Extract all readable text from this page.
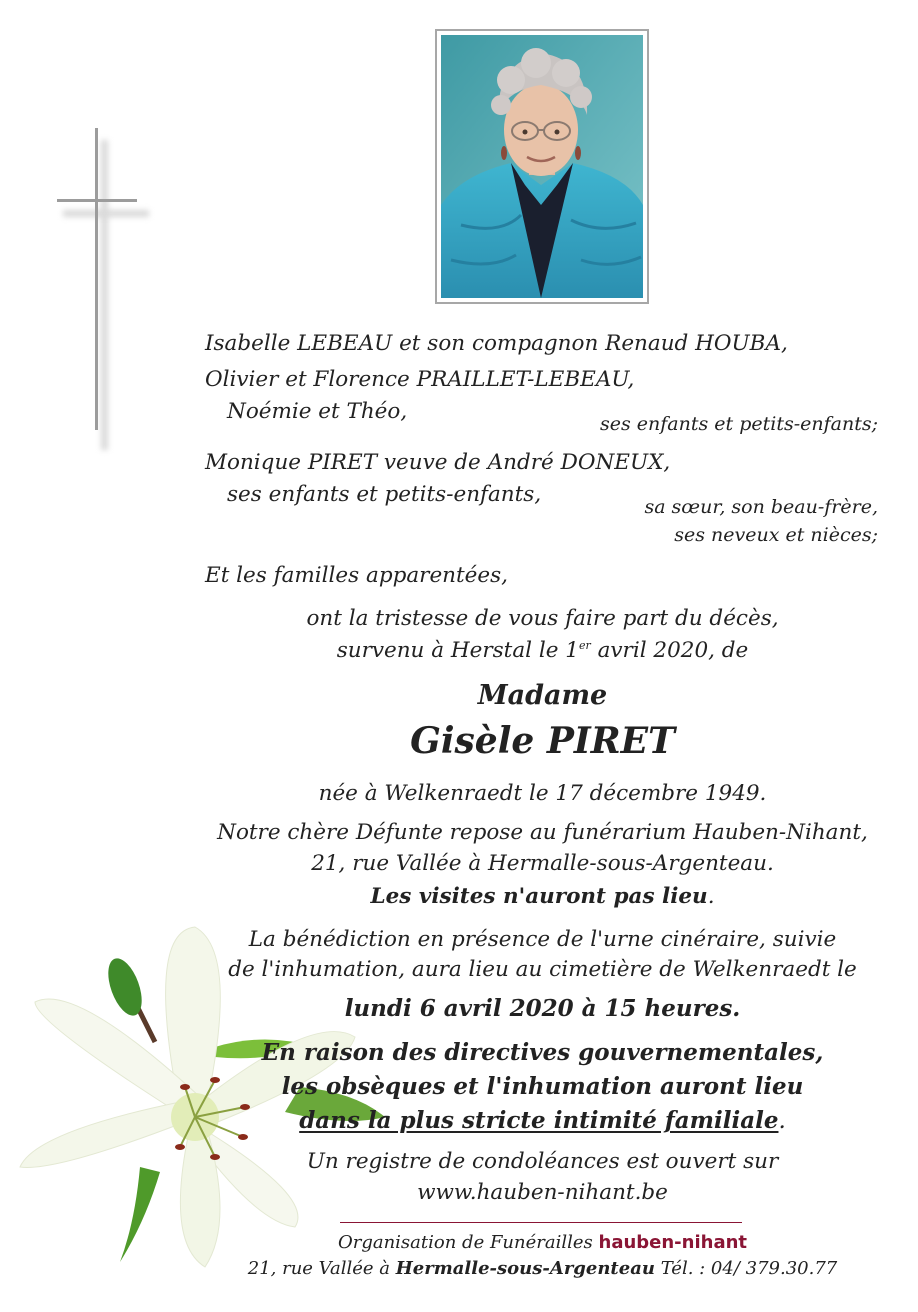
Isabelle LEBEAU et son compagnon Renaud HOUBA,
Olivier et Florence PRAILLET-LEBEAU,
Noémie et Théo,	ses enfants et petits-enfants;
Monique PIRET veuve de André DONEUX,
ses enfants et petits-enfants,	sa sœur, son beau-frère,
ses neveux et nièces;
Et les familles apparentées,
ont la tristesse de vous faire part du décès,
survenu à Herstal le 1er avril 2020, de
Madame
Gisèle PIRET
née à Welkenraedt le 17 décembre 1949.
Notre chère Défunte repose au funérarium Hauben-Nihant,
21, rue Vallée à Hermalle-sous-Argenteau.
Les visites n'auront pas lieu.
La bénédiction en présence de l'urne cinéraire, suivie
de l'inhumation, aura lieu au cimetière de Welkenraedt le
lundi 6 avril 2020 à 15 heures.
En raison des directives gouvernementales,
les obsèques et l'inhumation auront lieu
dans la plus stricte intimité familiale.
Un registre de condoléances est ouvert sur
www.hauben-nihant.be
Organisation de Funérailles hauben-nihant
21, rue Vallée à Hermalle-sous-Argenteau Tél. : 04/ 379.30.77
